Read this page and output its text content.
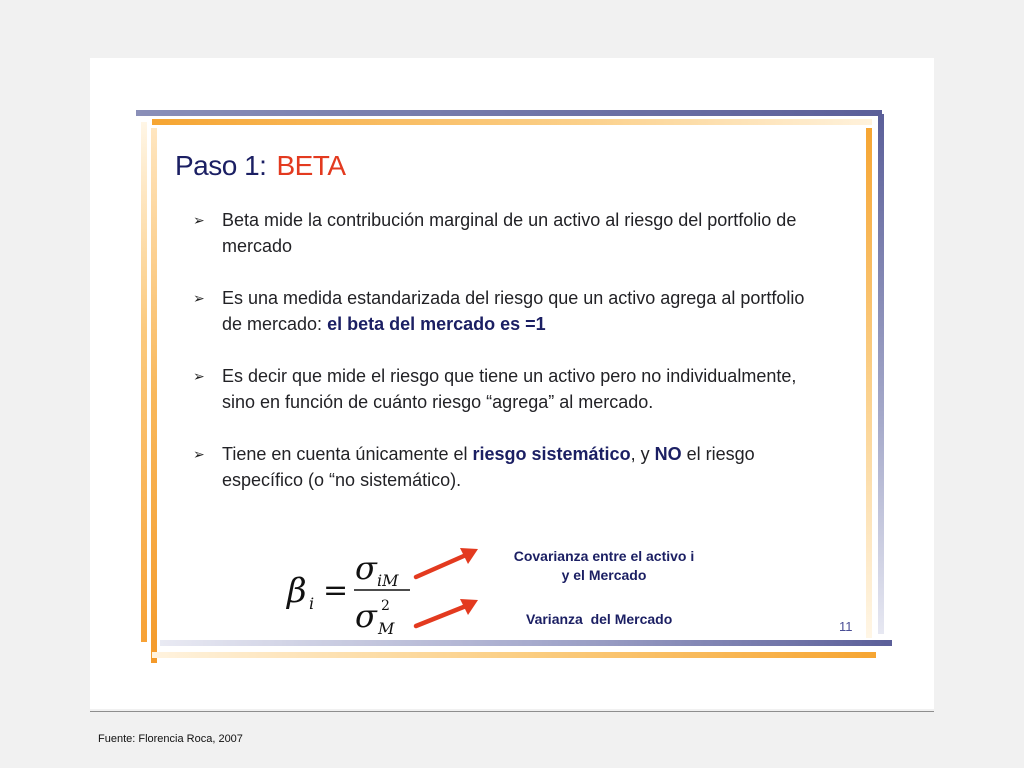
Paso 1: BETA
➢ Beta mide la contribución marginal de un activo al riesgo del portfolio de mercado
➢ Es una medida estandarizada del riesgo que un activo agrega al portfolio de mercado: el beta del mercado es =1
➢ Es decir que mide el riesgo que tiene un activo pero no individualmente, sino en función de cuánto riesgo “agrega” al mercado.
➢ Tiene en cuenta únicamente el riesgo sistemático, y NO el riesgo específico (o “no sistemático).
β i =
σ iM
σ 2
M
Covarianza entre el activo i
y el Mercado
Varianza  del Mercado	11
Fuente: Florencia Roca, 2007
